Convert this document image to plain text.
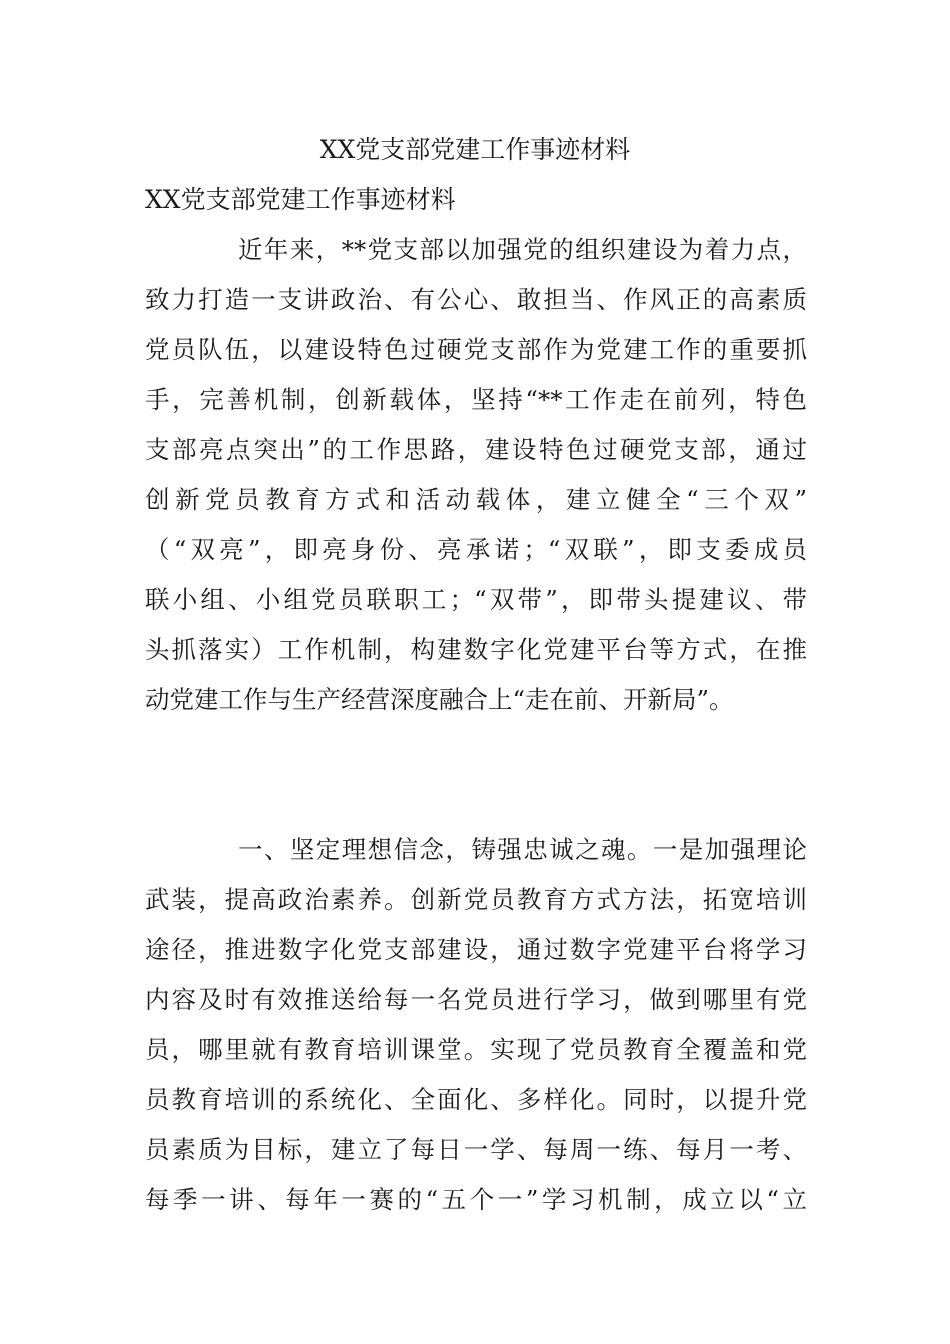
XX党支部党建工作事迹材料
XX党支部党建工作事迹材料
近年来，**党支部以加强党的组织建设为着力点，
致力打造一支讲政治、有公心、敢担当、作风正的高素质
党员队伍，以建设特色过硬党支部作为党建工作的重要抓
手，完善机制，创新载体，坚持“**工作走在前列，特色
支部亮点突出”的工作思路，建设特色过硬党支部，通过
创新党员教育方式和活动载体，建立健全“三个双”
（“双亮”，即亮身份、亮承诺；“双联”，即支委成员
联小组、小组党员联职工；“双带”，即带头提建议、带
头抓落实）工作机制，构建数字化党建平台等方式，在推
动党建工作与生产经营深度融合上“走在前、开新局”。
一、坚定理想信念，铸强忠诚之魂。一是加强理论
武装，提高政治素养。创新党员教育方式方法，拓宽培训
途径，推进数字化党支部建设，通过数字党建平台将学习
内容及时有效推送给每一名党员进行学习，做到哪里有党
员，哪里就有教育培训课堂。实现了党员教育全覆盖和党
员教育培训的系统化、全面化、多样化。同时，以提升党
员素质为目标，建立了每日一学、每周一练、每月一考、
每季一讲、每年一赛的“五个一”学习机制，成立以“立
